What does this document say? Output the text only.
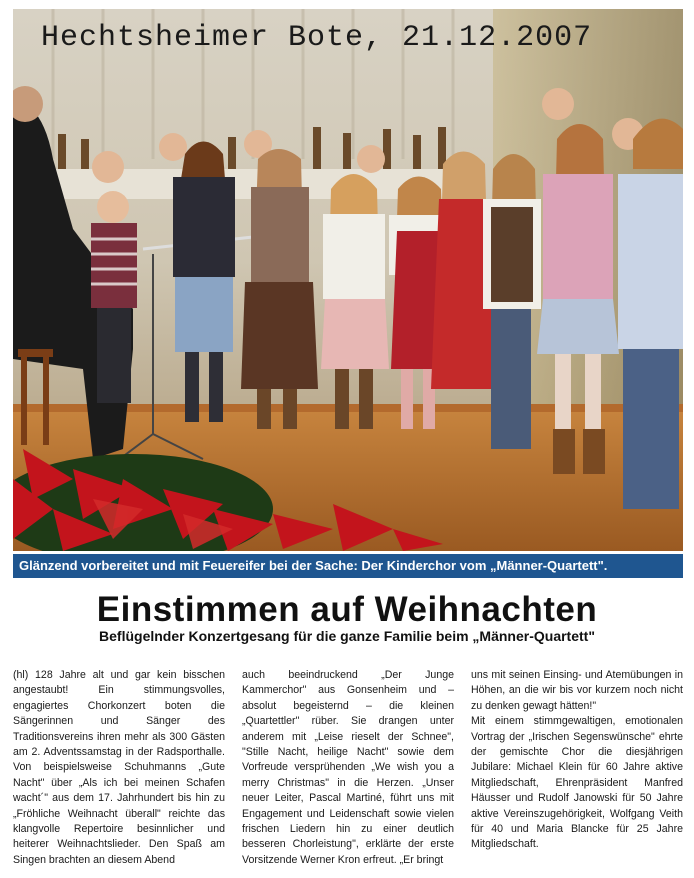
Hechtsheimer Bote, 21.12.2007
Glänzend vorbereitet und mit Feuereifer bei der Sache: Der Kinderchor vom „Männer-Quartett".
Einstimmen auf Weihnachten
Beflügelnder Konzertgesang für die ganze Familie beim „Männer-Quartett"

(hl) 128 Jahre alt und gar kein bisschen angestaubt! Ein stimmungsvolles, engagiertes Chorkonzert boten die Sängerinnen und Sänger des Traditionsvereins ihren mehr als 300 Gästen am 2. Adventssamstag in der Radsporthalle. Von beispielsweise Schuhmanns „Gute Nacht" über „Als ich bei meinen Schafen wacht´" aus dem 17. Jahrhundert bis hin zu „Fröhliche Weihnacht überall" reichte das klangvolle Repertoire besinnlicher und heiterer Weihnachtslieder. Den Spaß am Singen brachten an diesem Abend

auch beeindruckend „Der Junge Kammerchor" aus Gonsenheim und – absolut begeisternd – die kleinen „Quartettler" rüber. Sie drangen unter anderem mit „Leise rieselt der Schnee", "Stille Nacht, heilige Nacht" sowie dem Vorfreude versprühenden „We wish you a merry Christmas" in die Herzen. „Unser neuer Leiter, Pascal Martiné, führt uns mit Engagement und Leidenschaft sowie vielen frischen Liedern hin zu einer deutlich besseren Chorleistung", erklärte der erste Vorsitzende Werner Kron erfreut. „Er bringt

uns mit seinen Einsing- und Atemübungen in Höhen, an die wir bis vor kurzem noch nicht zu denken gewagt hätten!"

Mit einem stimmgewaltigen, emotionalen Vortrag der „Irischen Segenswünsche" ehrte der gemischte Chor die diesjährigen Jubilare: Michael Klein für 60 Jahre aktive Mitgliedschaft, Ehrenpräsident Manfred Häusser und Rudolf Janowski für 50 Jahre aktive Vereinszugehörigkeit, Wolfgang Veith für 40 und Maria Blancke für 25 Jahre Mitgliedschaft.
